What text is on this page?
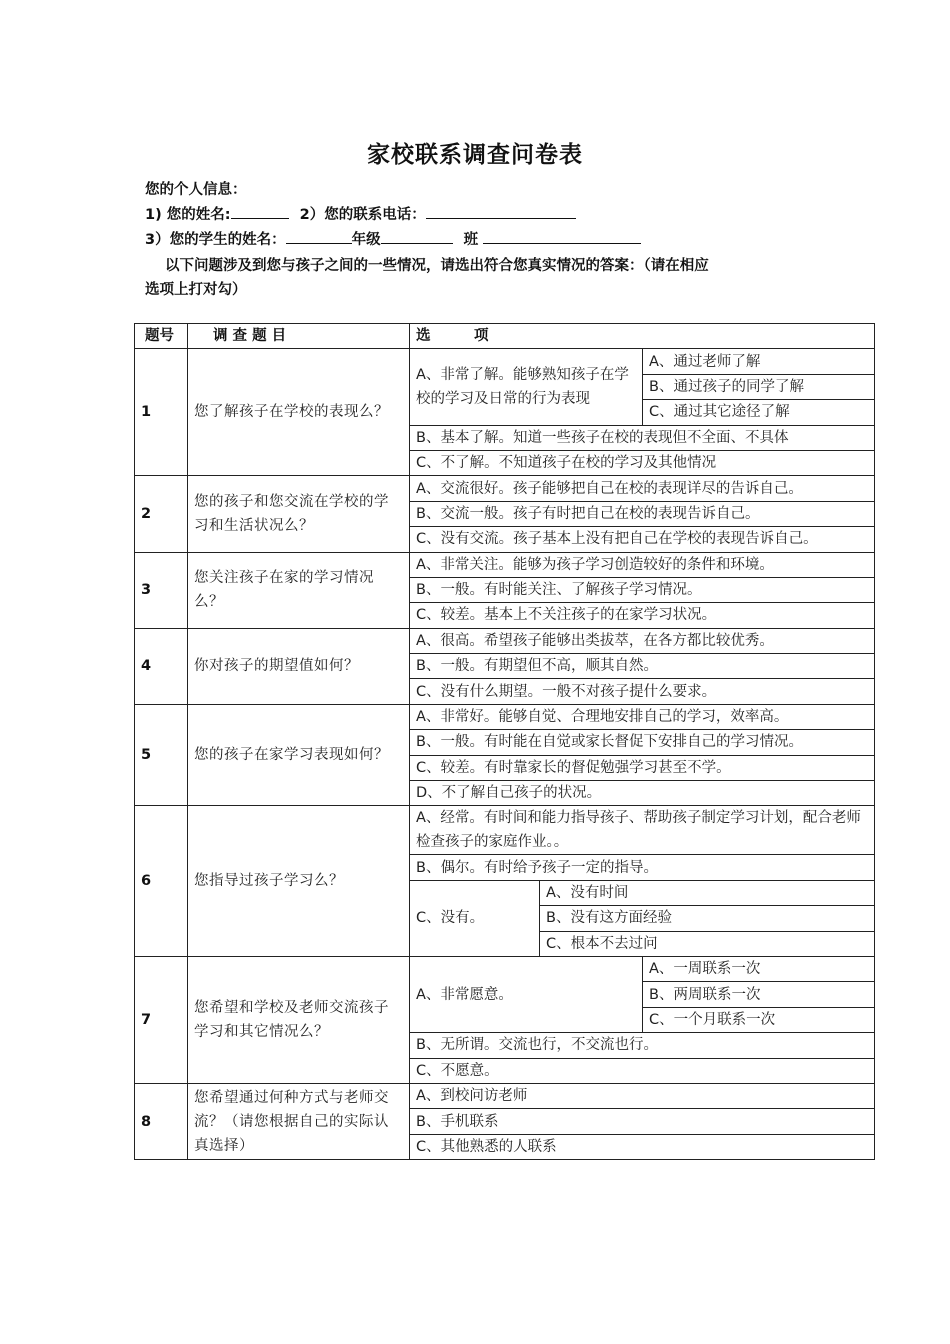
家校联系调查问卷表
您的个人信息：
1) 您的姓名:	2）您的联系电话：
3）您的学生的姓名：	年级	班
以下问题涉及到您与孩子之间的一些情况，请选出符合您真实情况的答案：（请在相应
选项上打对勾）
题号	调 查 题 目	选　　　项		
1	您了解孩子在学校的表现么？	A、非常了解。能够熟知孩子在学校的学习及日常的行为表现		A、通过老师了解
				B、通过孩子的同学了解
				C、通过其它途径了解
		B、基本了解。知道一些孩子在校的表现但不全面、不具体		
		C、不了解。不知道孩子在校的学习及其他情况		
2	您的孩子和您交流在学校的学习和生活状况么？	A、交流很好。孩子能够把自己在校的表现详尽的告诉自己。		
		B、交流一般。孩子有时把自己在校的表现告诉自己。		
		C、没有交流。孩子基本上没有把自己在学校的表现告诉自己。		
3	您关注孩子在家的学习情况么？	A、非常关注。能够为孩子学习创造较好的条件和环境。		
		B、一般。有时能关注、了解孩子学习情况。		
		C、较差。基本上不关注孩子的在家学习状况。		
4	你对孩子的期望值如何？	A、很高。希望孩子能够出类拔萃，在各方都比较优秀。		
		B、一般。有期望但不高，顺其自然。		
		C、没有什么期望。一般不对孩子提什么要求。		
5	您的孩子在家学习表现如何？	A、非常好。能够自觉、合理地安排自己的学习，效率高。		
		B、一般。有时能在自觉或家长督促下安排自己的学习情况。		
		C、较差。有时靠家长的督促勉强学习甚至不学。		
		D、不了解自己孩子的状况。		
6	您指导过孩子学习么？	A、经常。有时间和能力指导孩子、帮助孩子制定学习计划，配合老师检查孩子的家庭作业。。		
		B、偶尔。有时给予孩子一定的指导。		
		C、没有。	A、没有时间	
			B、没有这方面经验	
			C、根本不去过问	
7	您希望和学校及老师交流孩子学习和其它情况么？	A、非常愿意。		A、一周联系一次
				B、两周联系一次
				C、一个月联系一次
		B、无所谓。交流也行，不交流也行。		
		C、不愿意。		
8	您希望通过何种方式与老师交流？（请您根据自己的实际认真选择）	A、到校问访老师		
		B、手机联系		
		C、其他熟悉的人联系		
